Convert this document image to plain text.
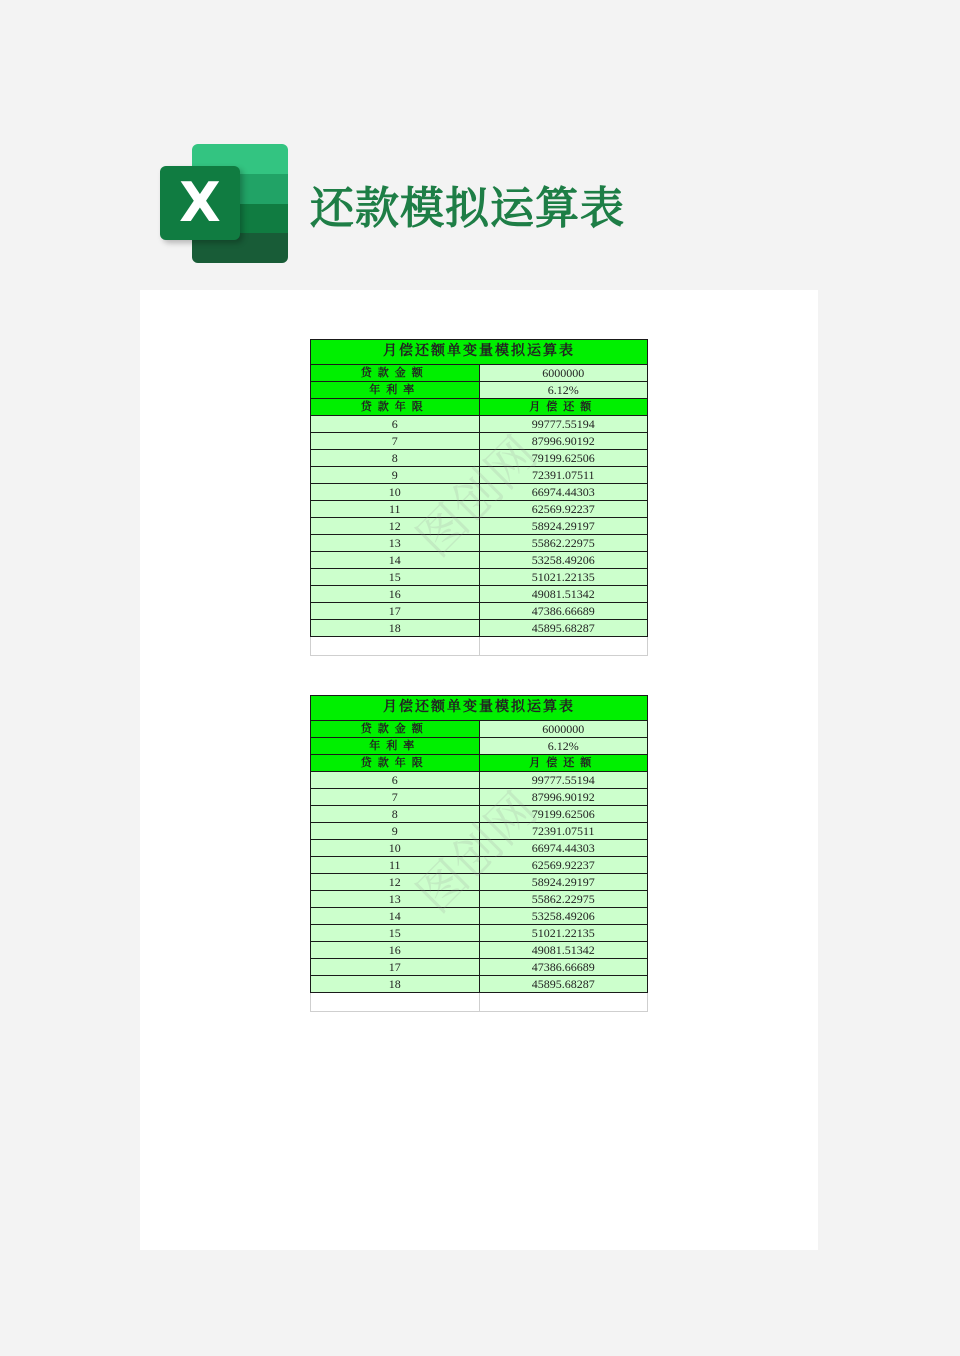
X	还款模拟运算表
月偿还额单变量模拟运算表	
贷款金额	6000000
年利率	6.12%
贷款年限	月偿还额
6	99777.55194
7	87996.90192
8	79199.62506
9	72391.07511
10	66974.44303
11	62569.92237
12	58924.29197
13	55862.22975
14	53258.49206
15	51021.22135
16	49081.51342
17	47386.66689
18	45895.68287

月偿还额单变量模拟运算表	
贷款金额	6000000
年利率	6.12%
贷款年限	月偿还额
6	99777.55194
7	87996.90192
8	79199.62506
9	72391.07511
10	66974.44303
11	62569.92237
12	58924.29197
13	55862.22975
14	53258.49206
15	51021.22135
16	49081.51342
17	47386.66689
18	45895.68287
